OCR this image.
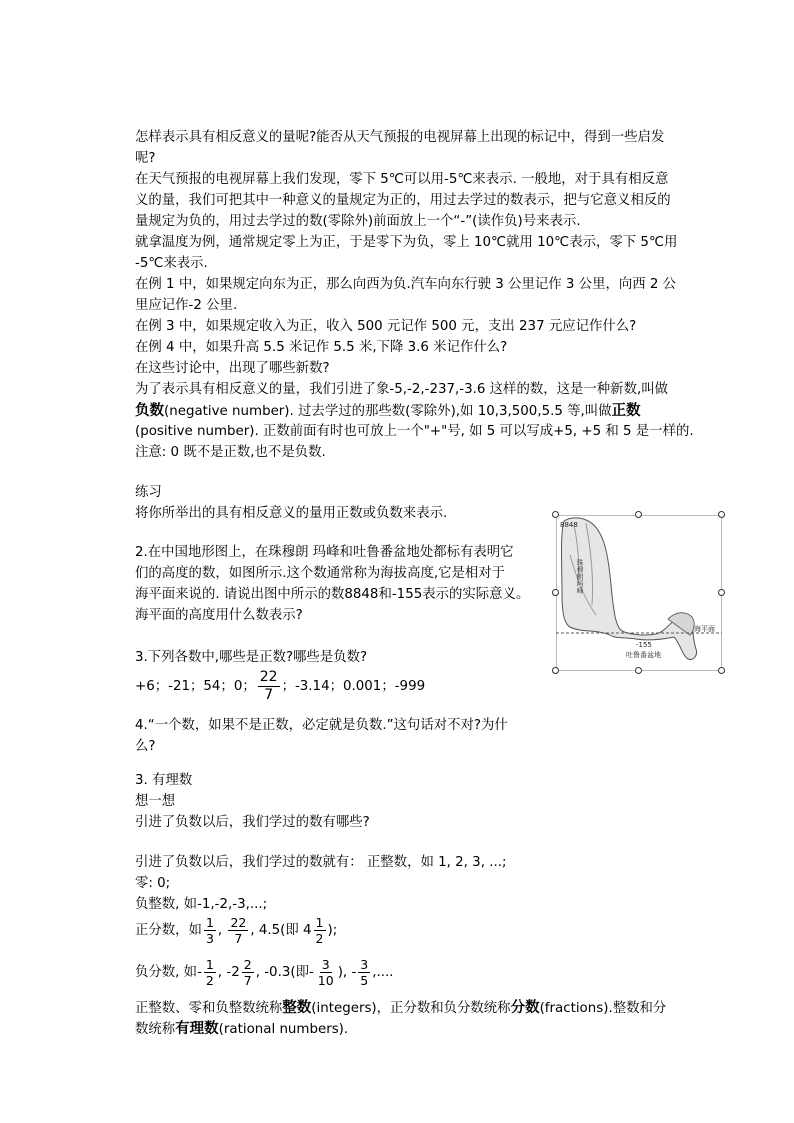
怎样表示具有相反意义的量呢?能否从天气预报的电视屏幕上出现的标记中，得到一些启发
呢?
在天气预报的电视屏幕上我们发现，零下 5℃可以用-5℃来表示. 一般地，对于具有相反意
义的量，我们可把其中一种意义的量规定为正的，用过去学过的数表示，把与它意义相反的
量规定为负的，用过去学过的数(零除外)前面放上一个“-”(读作负)号来表示.
就拿温度为例，通常规定零上为正，于是零下为负，零上 10℃就用 10℃表示，零下 5℃用
-5℃来表示.
在例 1 中，如果规定向东为正，那么向西为负.汽车向东行驶 3 公里记作 3 公里，向西 2 公
里应记作-2 公里.
在例 3 中，如果规定收入为正，收入 500 元记作 500 元，支出 237 元应记作什么?
在例 4 中，如果升高 5.5 米记作 5.5 米,下降 3.6 米记作什么?
在这些讨论中，出现了哪些新数?
为了表示具有相反意义的量，我们引进了象-5,-2,-237,-3.6 这样的数，这是一种新数,叫做
负数(negative number). 过去学过的那些数(零除外),如 10,3,500,5.5 等,叫做正数
(positive number). 正数前面有时也可放上一个"+"号, 如 5 可以写成+5, +5 和 5 是一样的.
注意: 0 既不是正数,也不是负数.
练习
将你所举出的具有相反意义的量用正数或负数来表示.
2.在中国地形图上，在珠穆朗 玛峰和吐鲁番盆地处都标有表明它
们的高度的数，如图所示.这个数通常称为海拔高度,它是相对于
海平面来说的. 请说出图中所示的数8848和-155表示的实际意义。
海平面的高度用什么数表示?
3.下列各数中,哪些是正数?哪些是负数?
+6；-21；54；0； $\frac{22}{7}$ ；-3.14；0.001；-999
4.“一个数，如果不是正数，必定就是负数.”这句话对不对?为什
么?
8848
珠穆朗玛峰
海平面
-155
吐鲁番盆地
3. 有理数
想一想
引进了负数以后，我们学过的数有哪些?
引进了负数以后，我们学过的数就有： 正整数，如 1, 2, 3, ...;
零: 0;
负整数, 如-1,-2,-3,...;
正分数，如 $\frac{1}{3}$ , $\frac{22}{7}$ , 4.5(即 $4 \frac{1}{2}$ );
负分数, 如- $\frac{1}{2}$ , $-2 \frac{2}{7}$ , -0.3(即- $\frac{3}{10}$ ), - $\frac{3}{5}$ ,....
正整数、零和负整数统称整数(integers)，正分数和负分数统称分数(fractions).整数和分
数统称有理数(rational numbers).
